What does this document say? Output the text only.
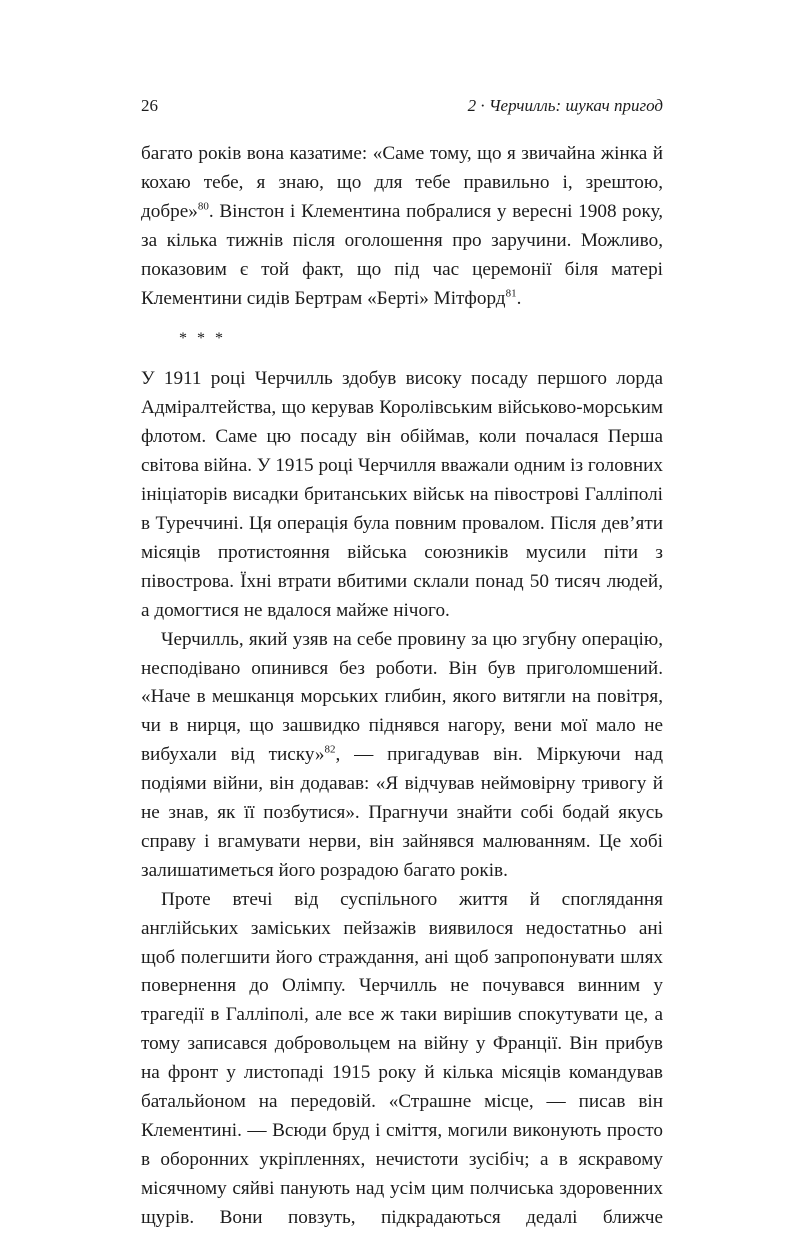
26	2 · Черчилль: шукач пригод

багато років вона казатиме: «Саме тому, що я звичайна жінка й кохаю тебе, я знаю, що для тебе правильно і, зрештою, добре»$^{80}$. Вінстон і Клементина побралися у вересні 1908 року, за кілька тижнів після оголошення про заручини. Можливо, показовим є той факт, що під час церемонії біля матері Клементини сидів Бертрам «Берті» Мітфорд$^{81}$.

* * *

У 1911 році Черчилль здобув високу посаду першого лорда Адміралтейства, що керував Королівським військово-морським флотом. Саме цю посаду він обіймав, коли почалася Перша світова війна. У 1915 році Черчилля вважали одним із головних ініціаторів висадки британських військ на півострові Галліполі в Туреччині. Ця операція була повним провалом. Після дев’яти місяців протистояння війська союзників мусили піти з півострова. Їхні втрати вбитими склали понад 50 тисяч людей, а домогтися не вдалося майже нічого.

Черчилль, який узяв на себе провину за цю згубну операцію, несподівано опинився без роботи. Він був приголомшений. «Наче в мешканця морських глибин, якого витягли на повітря, чи в нирця, що зашвидко піднявся нагору, вени мої мало не вибухали від тиску»$^{82}$, — пригадував він. Міркуючи над подіями війни, він додавав: «Я відчував неймовірну тривогу й не знав, як її позбутися». Прагнучи знайти собі бодай якусь справу і вгамувати нерви, він зайнявся малюванням. Це хобі залишатиметься його розрадою багато років.

Проте втечі від суспільного життя й споглядання англійських заміських пейзажів виявилося недостатньо ані щоб полегшити його страждання, ані щоб запропонувати шлях повернення до Олімпу. Черчилль не почувався винним у трагедії в Галліполі, але все ж таки вирішив спокутувати це, а тому записався добровольцем на війну у Франції. Він прибув на фронт у листопаді 1915 року й кілька місяців командував батальйоном на передовій. «Страшне місце, — писав він Клементині. — Всюди бруд і сміття, могили виконують просто в оборонних укріпленнях, нечистоти зусібіч; а в яскравому місячному сяйві панують над усім цим полчиська здоровенних щурів. Вони повзуть, підкрадаються дедалі ближче
